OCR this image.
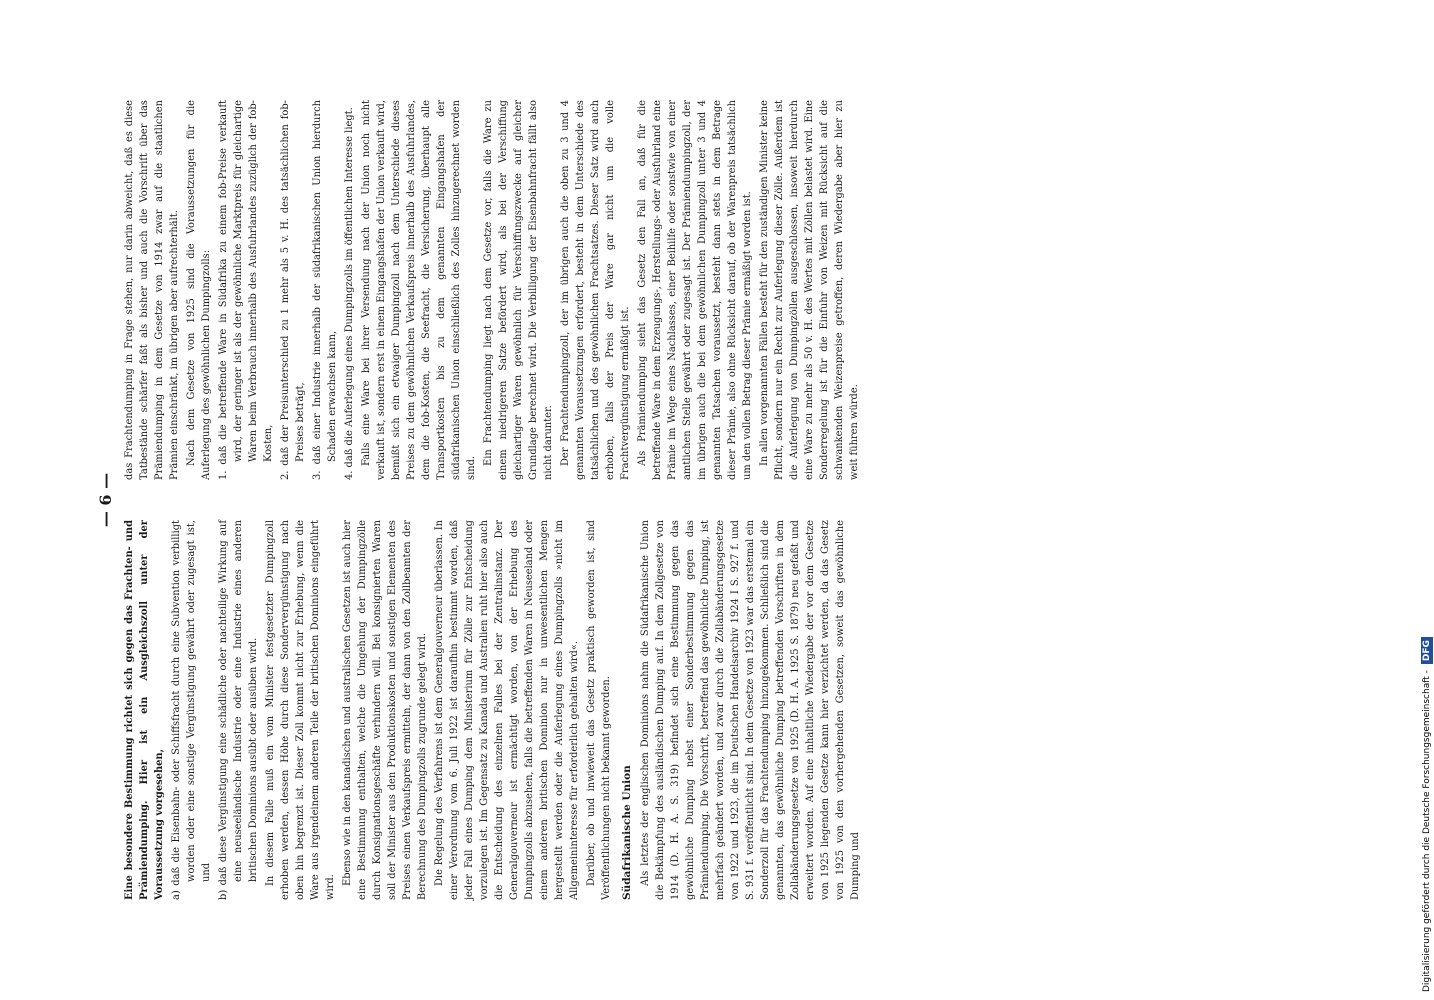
— 6 —

Eine besondere Bestimmung richtet sich gegen das Frachten- und Prämiendumping. Hier ist ein Ausgleichszoll unter der Voraussetzung vorgesehen, a) daß die Eisenbahn- oder Schiffsfracht durch eine Subvention verbilligt worden oder eine sonstige Vergünstigung gewährt oder zugesagt ist, und b) daß diese Vergünstigung eine schädliche oder nachteilige Wirkung auf eine neuseeländische Industrie oder eine Industrie eines anderen britischen Dominions ausübt oder ausüben wird. In diesem Falle muß ein vom Minister festgesetzter Dumpingzoll erhoben werden, dessen Höhe durch diese Sondervergünstigung nach oben hin begrenzt ist. Dieser Zoll kommt nicht zur Erhebung, wenn die Ware aus irgendeinem anderen Teile der britischen Dominions eingeführt wird.

Ebenso wie in den kanadischen und australischen Gesetzen ist auch hier eine Bestimmung enthalten, welche die Umgehung der Dumpingzölle durch Konsignationsgeschäfte verhindern will. Bei konsignierten Waren soll der Minister aus den Produktionskosten und sonstigen Elementen des Preises einen Verkaufspreis ermitteln, der dann von den Zollbeamten der Berechnung des Dumpingzolls zugrunde gelegt wird. Die Regelung des Verfahrens ist dem Generalgouverneur überlassen. In einer Verordnung vom 6. Juli 1922 ist daraufhin bestimmt worden, daß jeder Fall eines Dumping dem Ministerium für Zölle zur Entscheidung vorzulegen ist. Im Gegensatz zu Kanada und Australien ruht hier also auch die Entscheidung des einzelnen Falles bei der Zentralinstanz. Der Generalgouverneur ist ermächtigt worden, von der Erhebung des Dumpingzolls abzusehen, falls die betreffenden Waren in Neuseeland oder einem anderen britischen Dominion nur in unwesentlichen Mengen hergestellt werden oder die Auferlegung eines Dumpingzolls »nicht im Allgemeininteresse für erforderlich gehalten wird«. Darüber, ob und inwieweit das Gesetz praktisch geworden ist, sind Veröffentlichungen nicht bekannt geworden. Südafrikanische Union Als letztes der englischen Dominions nahm die Südafrikanische Union die Bekämpfung des ausländischen Dumping auf. In dem Zollgesetze von 1914 (D. H. A. S. 319) befindet sich eine Bestimmung gegen das gewöhnliche Dumping nebst einer Sonderbestimmung gegen das Prämiendumping. Die Vorschrift, betreffend das gewöhnliche Dumping, ist mehrfach geändert worden, und zwar durch die Zollabänderungsgesetze von 1922 und 1923, die im Deutschen Handelsarchiv 1924 I S. 927 f. und S. 931 f. veröffentlicht sind. In dem Gesetze von 1923 war das erstemal ein Sonderzoll für das Frachtendumping hinzugekommen. Schließlich sind die genannten, das gewöhnliche Dumping betreffenden Vorschriften in dem Zollabänderungsgesetze von 1925 (D. H. A. 1925 S. 1879) neu gefaßt und erweitert worden. Auf eine inhaltliche Wiedergabe der vor dem Gesetze von 1925 liegenden Gesetze kann hier verzichtet werden, da das Gesetz von 1925 von den vorhergehenden Gesetzen, soweit das gewöhnliche Dumping und

das Frachtendumping in Frage stehen, nur darin abweicht, daß es diese Tatbestände schärfer faßt als bisher und auch die Vorschrift über das Prämiendumping in dem Gesetze von 1914 zwar auf die staatlichen Prämien einschränkt, im übrigen aber aufrechterhält. Nach dem Gesetze von 1925 sind die Voraussetzungen für die Auferlegung des gewöhnlichen Dumpingzolls: 1. daß die betreffende Ware in Südafrika zu einem fob-Preise verkauft wird, der geringer ist als der gewöhnliche Marktpreis für gleichartige Waren beim Verbrauch innerhalb des Ausfuhrlandes zuzüglich der fob-Kosten, 2. daß der Preisunterschied zu 1 mehr als 5 v. H. des tatsächlichen fob-Preises beträgt, 3. daß einer Industrie innerhalb der südafrikanischen Union hierdurch Schaden erwachsen kann, 4. daß die Auferlegung eines Dumpingzolls im öffentlichen Interesse liegt. Falls eine Ware bei ihrer Versendung nach der Union noch nicht verkauft ist, sondern erst in einem Eingangshafen der Union verkauft wird, bemißt sich ein etwaiger Dumpingzoll nach dem Unterschiede dieses Preises zu dem gewöhnlichen Verkaufspreis innerhalb des Ausfuhrlandes, dem die fob-Kosten, die Seefracht, die Versicherung, überhaupt alle Transportkosten bis zu dem genannten Eingangshafen der südafrikanischen Union einschließlich des Zolles hinzugerechnet worden sind.

Ein Frachtendumping liegt nach dem Gesetze vor, falls die Ware zu einem niedrigeren Satze befördert wird, als bei der Verschiffung gleichartiger Waren gewöhnlich für Verschiffungszwecke auf gleicher Grundlage berechnet wird. Die Verbilligung der Eisenbahnfracht fällt also nicht darunter. Der Frachtendumpingzoll, der im übrigen auch die oben zu 3 und 4 genannten Voraussetzungen erfordert, besteht in dem Unterschiede des tatsächlichen und des gewöhnlichen Frachtsatzes. Dieser Satz wird auch erhoben, falls der Preis der Ware gar nicht um die volle Frachtvergünstigung ermäßigt ist. Als Prämiendumping sieht das Gesetz den Fall an, daß für die betreffende Ware in dem Erzeugungs-, Herstellungs- oder Ausfuhrland eine Prämie im Wege eines Nachlasses, einer Beihilfe oder sonstwie von einer amtlichen Stelle gewährt oder zugesagt ist. Der Prämiendumpingzoll, der im übrigen auch die bei dem gewöhnlichen Dumpingzoll unter 3 und 4 genannten Tatsachen voraussetzt, besteht dann stets in dem Betrage dieser Prämie, also ohne Rücksicht darauf, ob der Warenpreis tatsächlich um den vollen Betrag dieser Prämie ermäßigt worden ist. In allen vorgenannten Fällen besteht für den zuständigen Minister keine Pflicht, sondern nur ein Recht zur Auferlegung dieser Zölle. Außerdem ist die Auferlegung von Dumpingzöllen ausgeschlossen, insoweit hierdurch eine Ware zu mehr als 50 v. H. des Wertes mit Zöllen belastet wird. Eine Sonderregelung ist für die Einfuhr von Weizen mit Rücksicht auf die schwankenden Weizenpreise getroffen, deren Wiedergabe aber hier zu weit führen würde.

Digitalisierung gefördert durch die Deutsche Forschungsgemeinschaft -DFG
